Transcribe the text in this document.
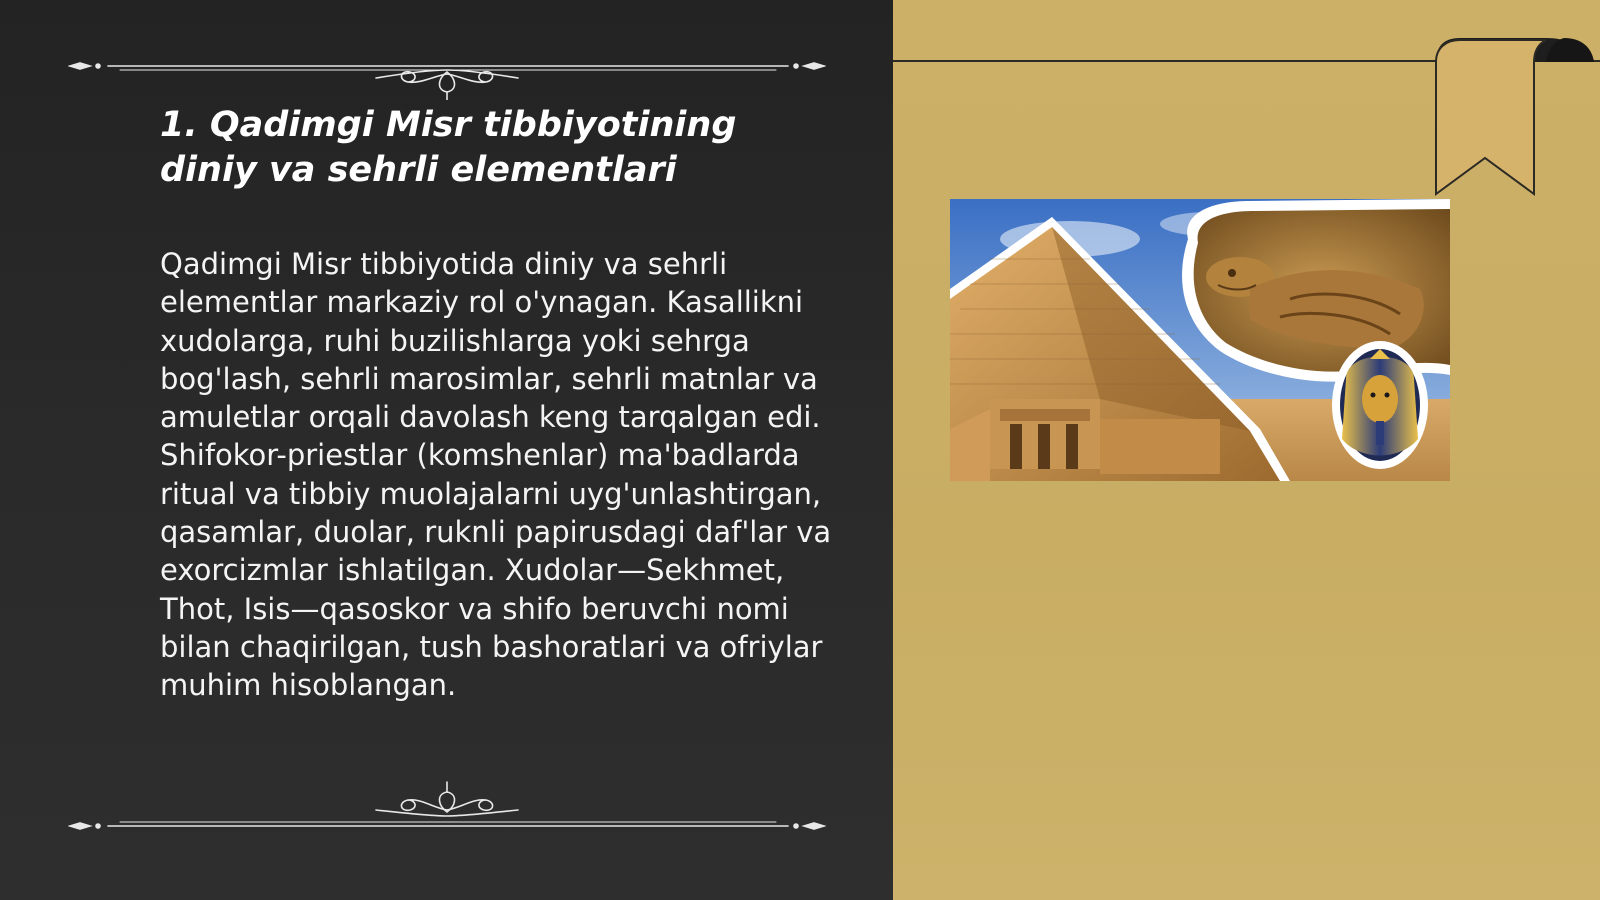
1. Qadimgi Misr tibbiyotining diniy va sehrli elementlari

Qadimgi Misr tibbiyotida diniy va sehrli elementlar markaziy rol o'ynagan. Kasallikni xudolarga, ruhi buzilishlarga yoki sehrga bog'lash, sehrli marosimlar, sehrli matnlar va amuletlar orqali davolash keng tarqalgan edi. Shifokor-priestlar (komshenlar) ma'badlarda ritual va tibbiy muolajalarni uyg'unlashtirgan, qasamlar, duolar, ruknli papirusdagi daf'lar va exorcizmlar ishlatilgan. Xudolar—Sekhmet, Thot, Isis—qasoskor va shifo beruvchi nomi bilan chaqirilgan, tush bashoratlari va ofriylar muhim hisoblangan.
